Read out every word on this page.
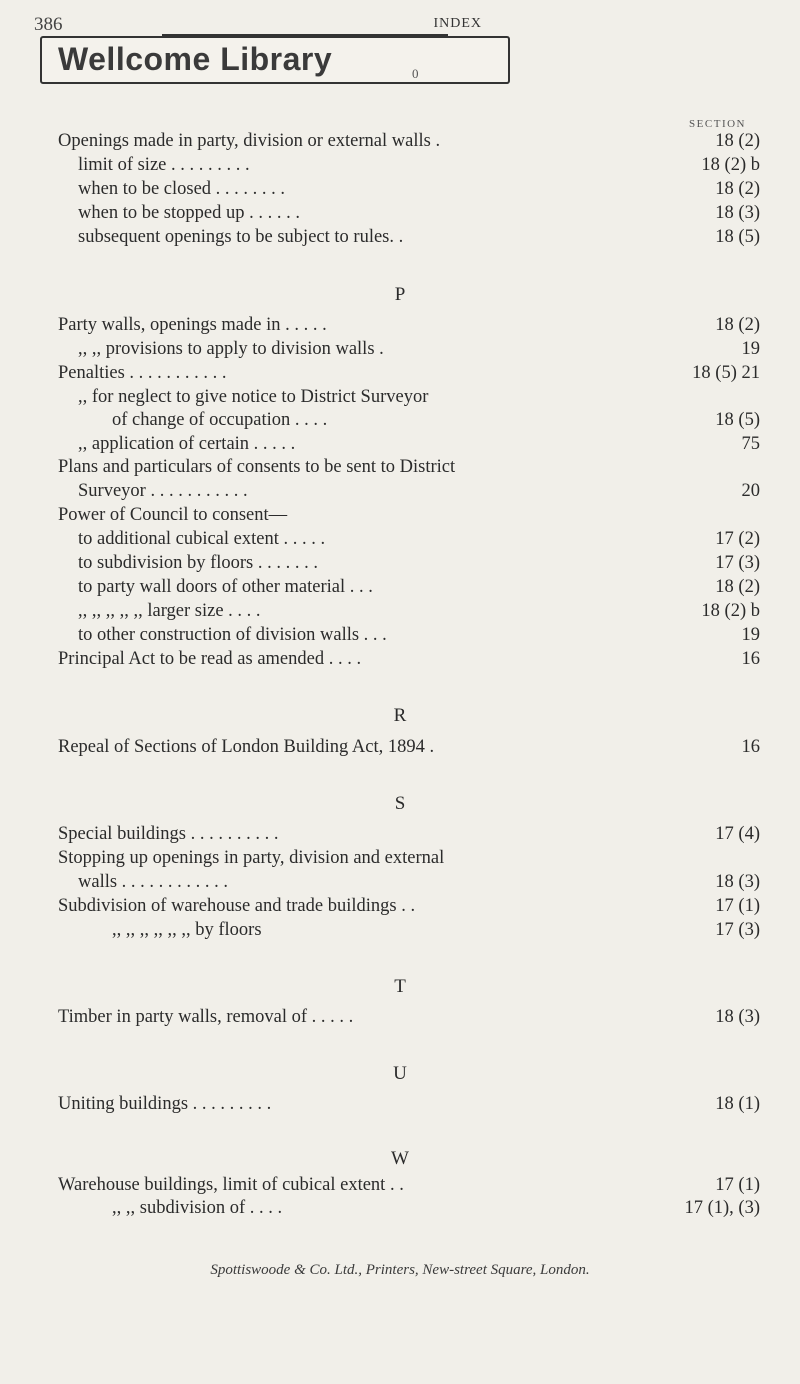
386	INDEX
Wellcome Library	0
SECTION
Openings made in party, division or external walls .	18 (2)
limit of size . . . . . . . . .	18 (2) b
when to be closed . . . . . . . .	18 (2)
when to be stopped up . . . . . .	18 (3)
subsequent openings to be subject to rules. .	18 (5)
P
Party walls, openings made in . . . . .	18 (2)
,, ,, provisions to apply to division walls .	19
Penalties . . . . . . . . . . .	18 (5) 21
,, for neglect to give notice to District Surveyor
of change of occupation . . . .	18 (5)
,, application of certain . . . . .	75
Plans and particulars of consents to be sent to District
Surveyor . . . . . . . . . . .	20
Power of Council to consent—
to additional cubical extent . . . . .	17 (2)
to subdivision by floors . . . . . . .	17 (3)
to party wall doors of other material . . .	18 (2)
,, ,, ,, ,, ,, larger size . . . .	18 (2) b
to other construction of division walls . . .	19
Principal Act to be read as amended . . . .	16
R
Repeal of Sections of London Building Act, 1894 .	16
S
Special buildings . . . . . . . . . .	17 (4)
Stopping up openings in party, division and external
walls . . . . . . . . . . . .	18 (3)
Subdivision of warehouse and trade buildings . .	17 (1)
,, ,, ,, ,, ,, ,, by floors	17 (3)
T
Timber in party walls, removal of . . . . .	18 (3)
U
Uniting buildings . . . . . . . . .	18 (1)
W
Warehouse buildings, limit of cubical extent . .	17 (1)
,, ,, subdivision of . . . .	17 (1), (3)
Spottiswoode & Co. Ltd., Printers, New-street Square, London.
